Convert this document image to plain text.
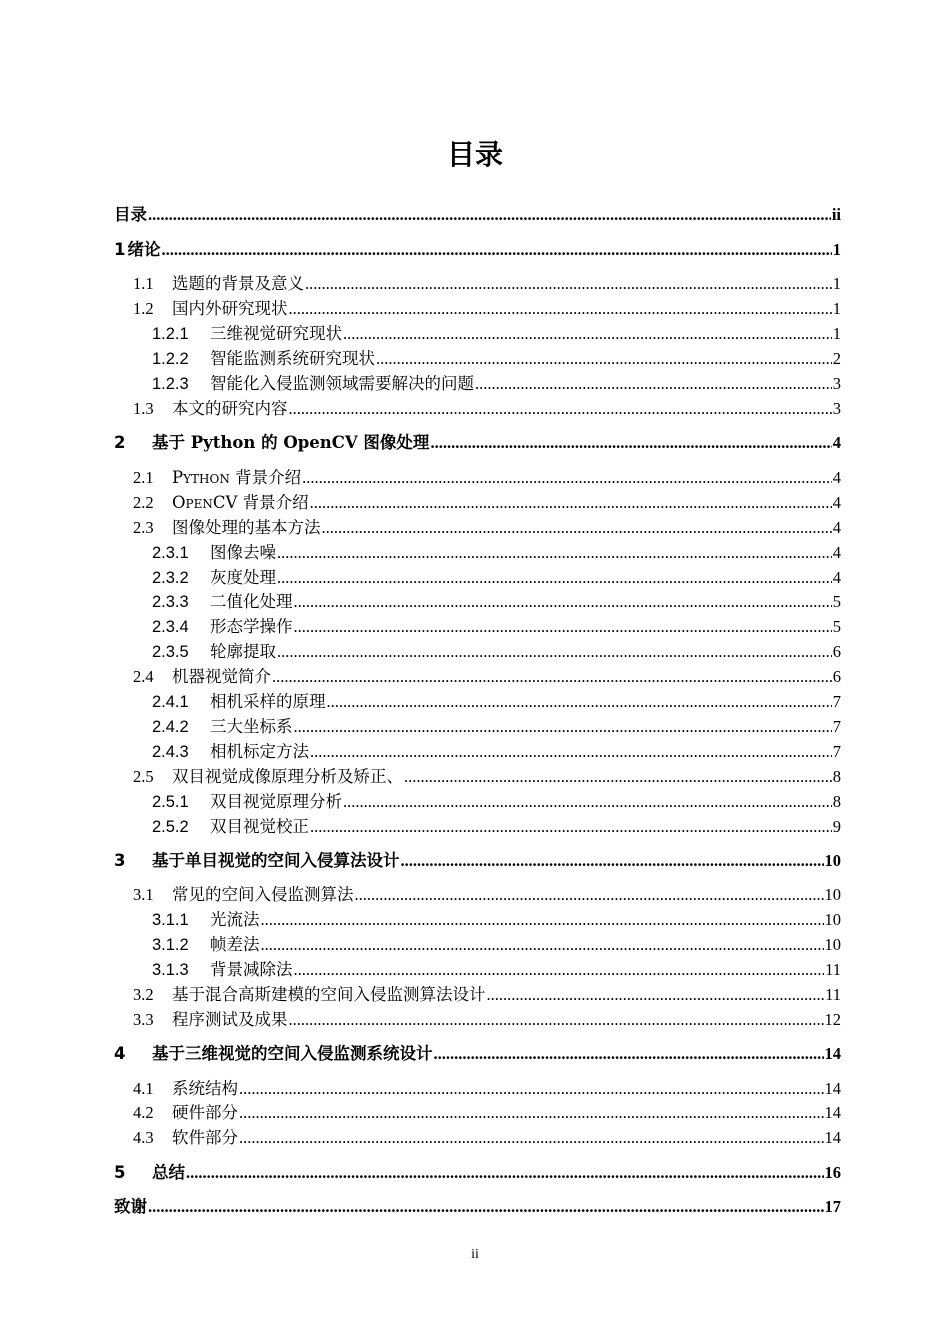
目录
目录 .....	ii
1 绪论 .....	1
1.1	选题的背景及意义 .....	1
1.2	国内外研究现状 .....	1
1.2.1	三维视觉研究现状 .....	1
1.2.2	智能监测系统研究现状 .....	2
1.2.3	智能化入侵监测领域需要解决的问题 .....	3
1.3	本文的研究内容 .....	3
2	基于 Python 的 OpenCV 图像处理 .....	4
2.1	Python 背景介绍 .....	4
2.2	OpenCV 背景介绍 .....	4
2.3	图像处理的基本方法 .....	4
2.3.1	图像去噪 .....	4
2.3.2	灰度处理 .....	4
2.3.3	二值化处理 .....	5
2.3.4	形态学操作 .....	5
2.3.5	轮廓提取 .....	6
2.4	机器视觉简介 .....	6
2.4.1	相机采样的原理 .....	7
2.4.2	三大坐标系 .....	7
2.4.3	相机标定方法 .....	7
2.5	双目视觉成像原理分析及矫正、 .....	8
2.5.1	双目视觉原理分析 .....	8
2.5.2	双目视觉校正 .....	9
3	基于单目视觉的空间入侵算法设计 .....	10
3.1	常见的空间入侵监测算法 .....	10
3.1.1	光流法 .....	10
3.1.2	帧差法 .....	10
3.1.3	背景减除法 .....	11
3.2	基于混合高斯建模的空间入侵监测算法设计 .....	11
3.3	程序测试及成果 .....	12
4	基于三维视觉的空间入侵监测系统设计 .....	14
4.1	系统结构 .....	14
4.2	硬件部分 .....	14
4.3	软件部分 .....	14
5	总结 .....	16
致谢 .....	17
ii
